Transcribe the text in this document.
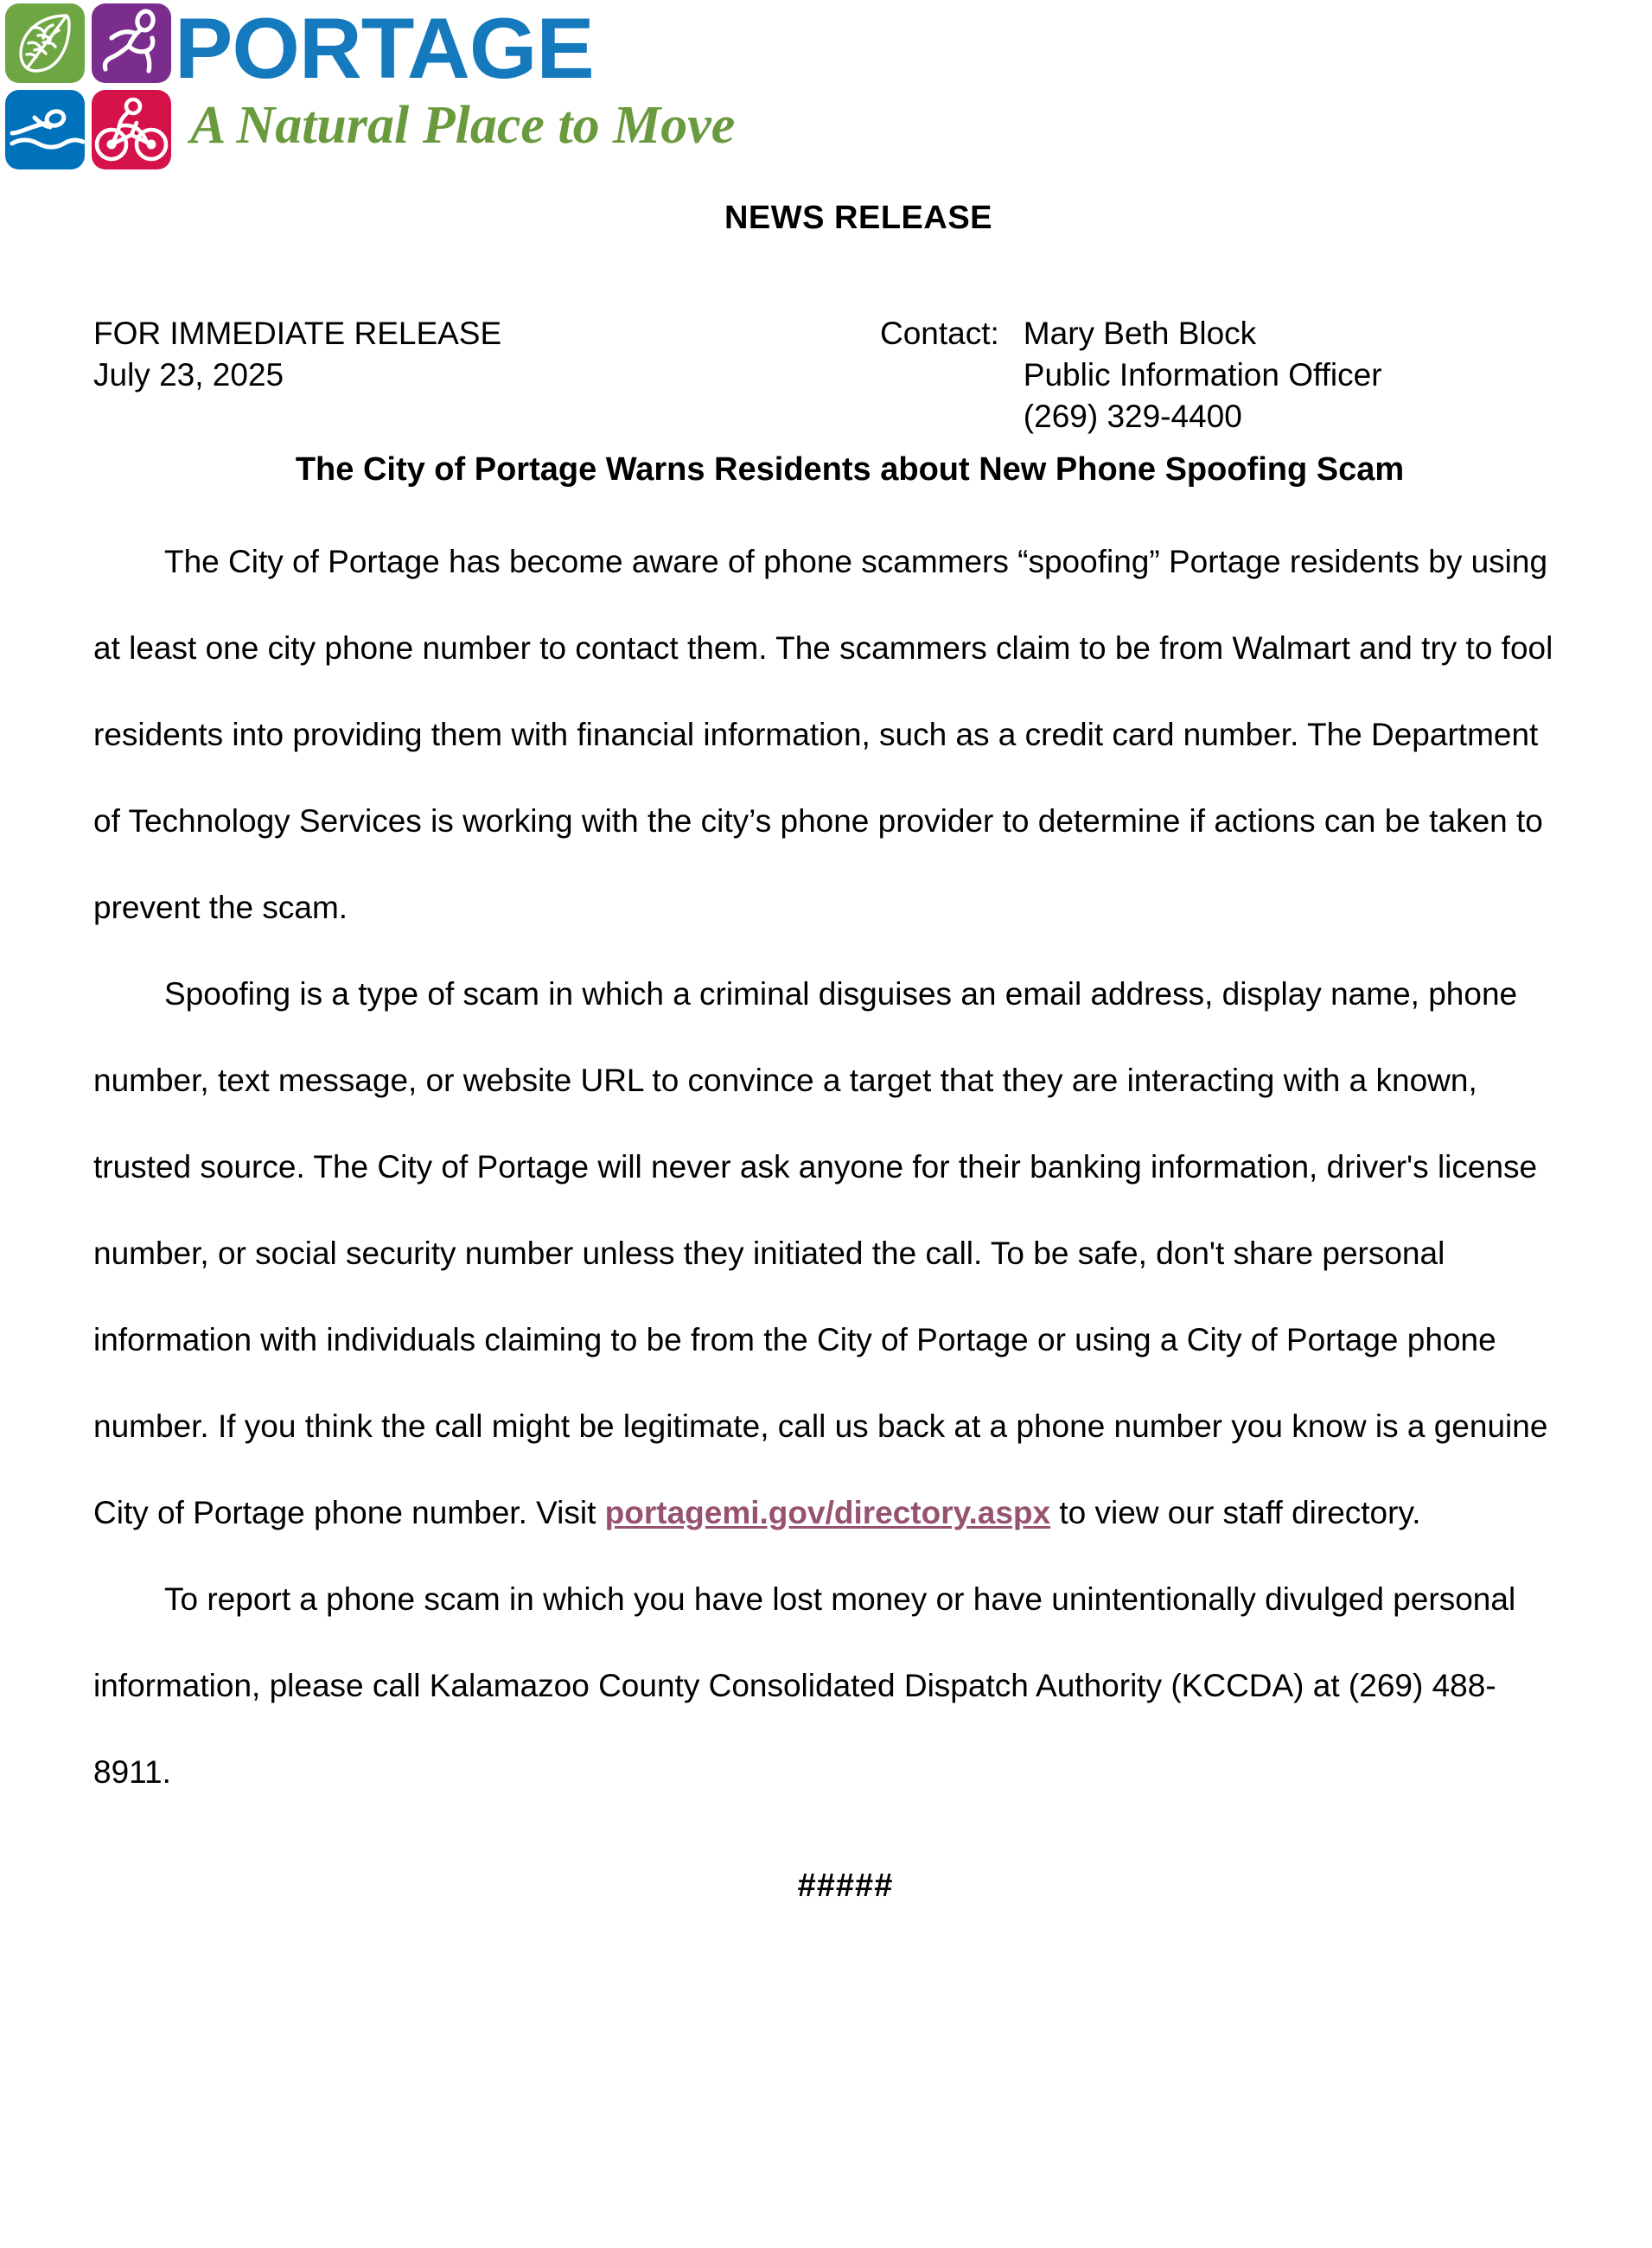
PORTAGE
A Natural Place to Move
NEWS RELEASE
FOR IMMEDIATE RELEASE
July 23, 2025
Contact: Mary Beth Block
Public Information Officer
(269) 329-4400
The City of Portage Warns Residents about New Phone Spoofing Scam

The City of Portage has become aware of phone scammers “spoofing” Portage residents by using at least one city phone number to contact them. The scammers claim to be from Walmart and try to fool residents into providing them with financial information, such as a credit card number. The Department of Technology Services is working with the city’s phone provider to determine if actions can be taken to prevent the scam.

Spoofing is a type of scam in which a criminal disguises an email address, display name, phone number, text message, or website URL to convince a target that they are interacting with a known, trusted source. The City of Portage will never ask anyone for their banking information, driver's license number, or social security number unless they initiated the call. To be safe, don't share personal information with individuals claiming to be from the City of Portage or using a City of Portage phone number. If you think the call might be legitimate, call us back at a phone number you know is a genuine City of Portage phone number. Visit portagemi.gov/directory.aspx to view our staff directory.

To report a phone scam in which you have lost money or have unintentionally divulged personal information, please call Kalamazoo County Consolidated Dispatch Authority (KCCDA) at (269) 488-8911.

#####
